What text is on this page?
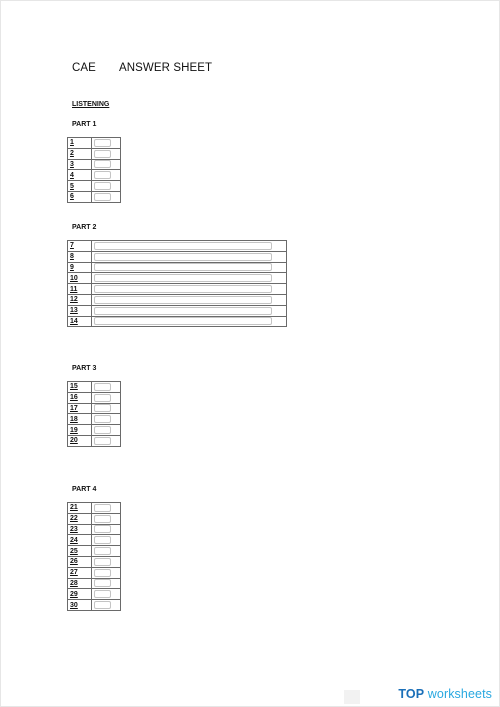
CAE ANSWER SHEET
LISTENING
PART 1
1	

2	

3	

4	

5	

6	
PART 2
7	

8	

9	

10	

11	

12	

13	

14	
PART 3
15	

16	

17	

18	

19	

20	
PART 4
21	

22	

23	

24	

25	

26	

27	

28	

29	

30	
TOP worksheets
